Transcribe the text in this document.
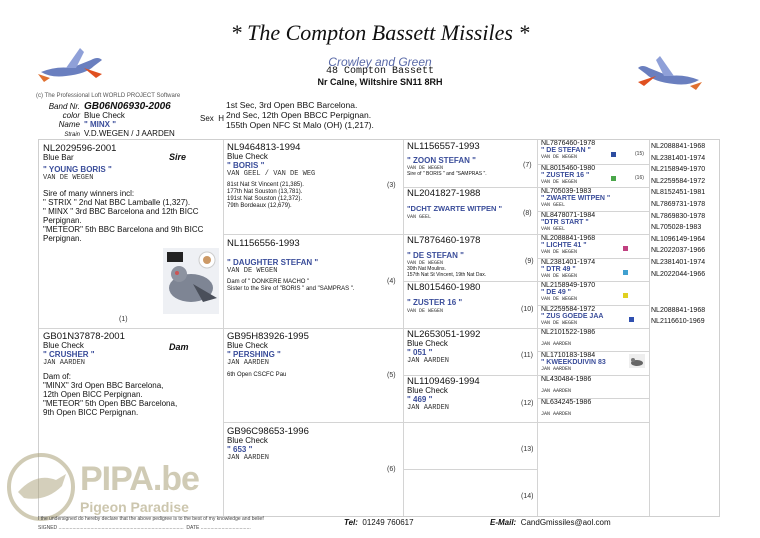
* The Compton Bassett Missiles *
Crowley and Green
48 Compton Bassett
Nr Calne, Wiltshire SN11 8RH
(c) The Professional Loft WORLD PROJECT Software
Band Nr. GB06N06930-2006
color Blue Check
Name " MINX "
Strain V.D.WEGEN / J AARDEN
Sex H
1st Sec, 3rd Open BBC Barcelona.
2nd Sec, 12th Open BBCC Perpignan.
155th Open NFC St Malo (OH) (1,217).
NL2029596-2001
Blue Bar
" YOUNG BORIS "
VAN DE WEGEN
Sire of many winners incl:
" STRIX " 2nd Nat BBC Lamballe (1,327).
" MINX " 3rd BBC Barcelona and 12th BICC Perpignan.
"METEOR" 5th BBC Barcelona and 9th BICC Perpignan.
Sire
(1)
GB01N37878-2001
Blue Check
" CRUSHER "
JAN AARDEN
Dam of:
"MINX" 3rd Open BBC Barcelona,
12th Open BICC Perpignan.
"METEOR" 5th Open BBC Barcelona,
9th Open BICC Perpignan.
Dam
NL9464813-1994
Blue Check
" BORIS "
VAN GEEL / VAN DE WEG
81st Nat St Vincent (21,385).
177th Nat Souston (13,781).
191st Nat Souston (12,372).
79th Bordeaux (12,679).
(3)
NL1156556-1993
" DAUGHTER STEFAN "
VAN DE WEGEN
Dam of " DONKERE MACHO "
Sister to the Sire of "BORIS " and "SAMPRAS ".
(4)
GB95H83926-1995
Blue Check
" PERSHING "
JAN AARDEN
6th Open CSCFC Pau	(5)
GB96C98653-1996
Blue Check
" 653 "
JAN AARDEN
(6)
NL1156557-1993
" ZOON STEFAN "
VAN DE WEGEN
Sire of " BORIS " and "SAMPRAS ".
(7)
NL2041827-1988
"DCHT ZWARTE WITPEN "
VAN GEEL	(8)
NL7876460-1978
" DE STEFAN "
VAN DE WEGEN
30th Nat Moulins.
157th Nat St Vincent, 19th Nat Dax.
(9)
NL8015460-1980
" ZUSTER 16 "
VAN DE WEGEN	(10)
NL2653051-1992
Blue Check
" 051 "
JAN AARDEN
(11)
NL1109469-1994
Blue Check
" 469 "
JAN AARDEN
(12)
(13)
(14)
NL7876460-1978
" DE STEFAN "
VAN DE WEGEN	(15)
NL8015460-1980
" ZUSTER 16 "
VAN DE WEGEN
(16)
NL705039-1983
" ZWARTE WITPEN "
VAN GEEL
NL8478071-1984
"DTR START "
VAN GEEL
NL2088841-1968
" LICHTE 41 "
VAN DE WEGEN
NL2381401-1974
" DTR 49 "
VAN DE WEGEN
NL2158949-1970
" DE 49 "
VAN DE WEGEN
NL2259584-1972
" ZUS GOEDE JAA
VAN DE WEGEN
NL2101522-1986
JAN AARDEN
NL1710183-1984
" KWEEKDUIVIN 83
JAN AARDEN
NL430484-1986
JAN AARDEN
NL634245-1986
JAN AARDEN
NL2088841-1968
NL2381401-1974
NL2158949-1970
NL2259584-1972
NL8152451-1981
NL7869731-1978
NL7869830-1978
NL705028-1983
NL1096149-1964
NL2022037-1966
NL2381401-1974
NL2022044-1966
NL2088841-1968
NL2116610-1969
PIPA.be
Pigeon Paradise
Tel: 01249 760617	E-Mail: CandGmissiles@aol.com
I the undersigned do hereby declare that the above pedigree is to the best of my knowledge and belief
SIGNED ..........................................................................................  DATE ....................................
